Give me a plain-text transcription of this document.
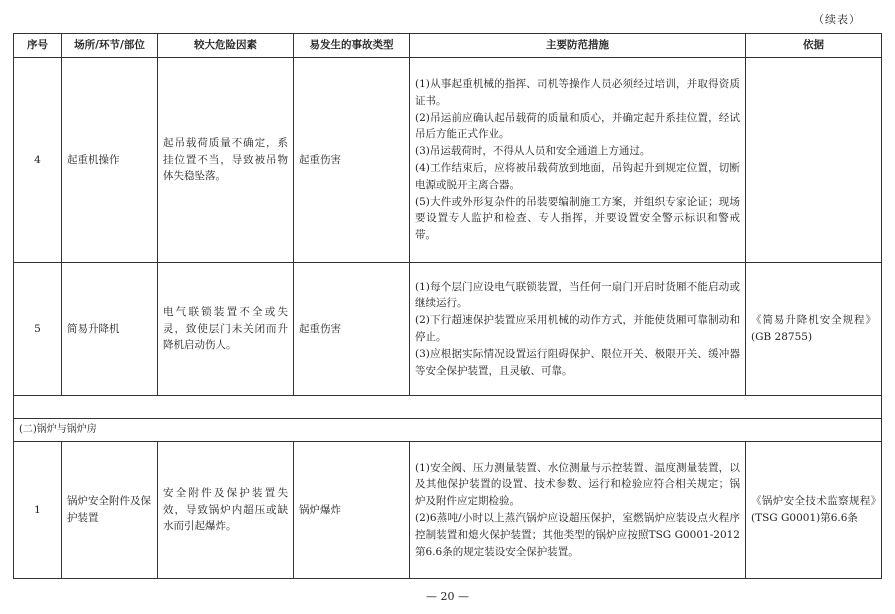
（续表）
序号	场所/环节/部位	较大危险因素	易发生的事故类型	主要防范措施	依据
4	起重机操作	起吊载荷质量不确定，系挂位置不当，导致被吊物体失稳坠落。	起重伤害	(1)从事起重机械的指挥、司机等操作人员必须经过培训，并取得资质证书。
(2)吊运前应确认起吊载荷的质量和质心，并确定起升系挂位置，经试吊后方能正式作业。
(3)吊运载荷时，不得从人员和安全通道上方通过。
(4)工作结束后，应将被吊载荷放到地面，吊钩起升到规定位置，切断电源或脱开主离合器。
(5)大件或外形复杂件的吊装要编制施工方案，并组织专家论证；现场要设置专人监护和检查、专人指挥，并要设置安全警示标识和警戒带。	

5	简易升降机	电气联锁装置不全或失灵，致使层门未关闭而升降机启动伤人。	起重伤害	(1)每个层门应设电气联锁装置，当任何一扇门开启时货厢不能启动或继续运行。
(2)下行超速保护装置应采用机械的动作方式，并能使货厢可靠制动和停止。
(3)应根据实际情况设置运行阻碍保护、限位开关、极限开关、缓冲器等安全保护装置，且灵敏、可靠。	《简易升降机安全规程》(GB 28755)

(二)锅炉与锅炉房					
1	锅炉安全附件及保护装置	安全附件及保护装置失效，导致锅炉内超压或缺水而引起爆炸。	锅炉爆炸	(1)安全阀、压力测量装置、水位测量与示控装置、温度测量装置，以及其他保护装置的设置、技术参数、运行和检验应符合相关规定；锅炉及附件应定期检验。
(2)6蒸吨/小时以上蒸汽锅炉应设超压保护，室燃锅炉应装设点火程序控制装置和熄火保护装置；其他类型的锅炉应按照TSG G0001-2012第6.6条的规定装设安全保护装置。	《锅炉安全技术监察规程》(TSG G0001)第6.6条
— 20 —
